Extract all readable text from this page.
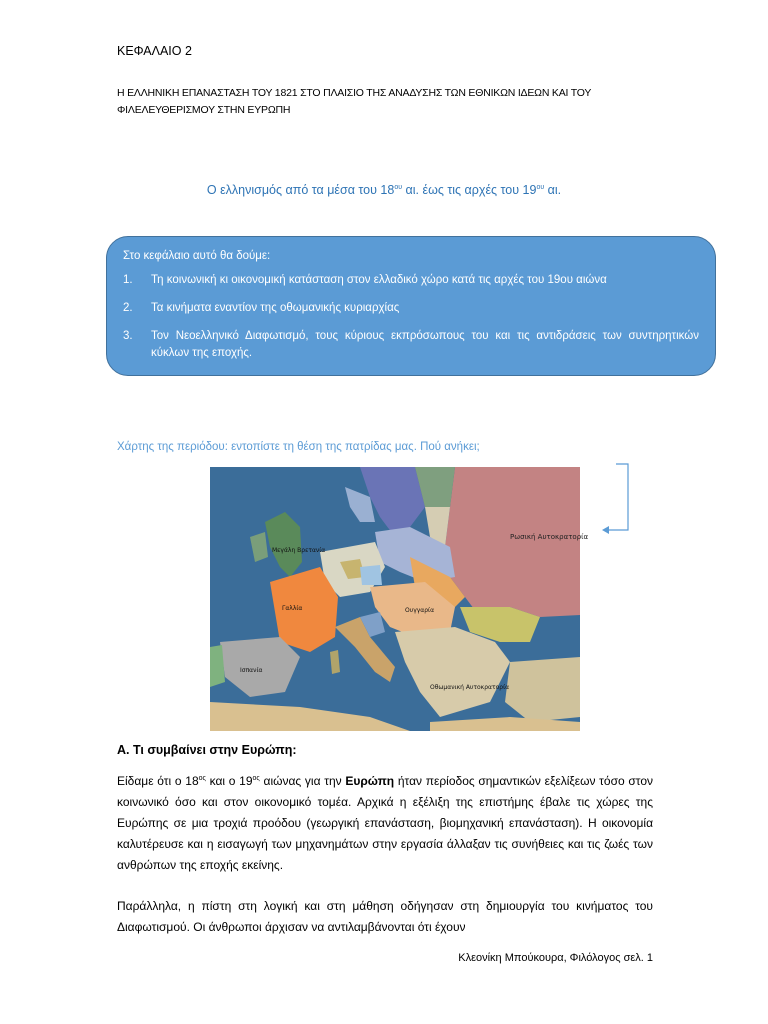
ΚΕΦΑΛΑΙΟ 2
Η ΕΛΛΗΝΙΚΗ ΕΠΑΝΑΣΤΑΣΗ ΤΟΥ 1821 ΣΤΟ ΠΛΑΙΣΙΟ ΤΗΣ ΑΝΑΔΥΣΗΣ ΤΩΝ ΕΘΝΙΚΩΝ ΙΔΕΩΝ ΚΑΙ ΤΟΥ ΦΙΛΕΛΕΥΘΕΡΙΣΜΟΥ ΣΤΗΝ ΕΥΡΩΠΗ
Ο ελληνισμός από τα μέσα του $18^{o\upsilon}$ αι. έως τις αρχές του $19^{o\upsilon}$ αι.
Στο κεφάλαιο αυτό θα δούμε:
1.	Τη κοινωνική κι οικονομική κατάσταση στον ελλαδικό χώρο κατά τις αρχές του 19ου αιώνα
2.	Τα κινήματα εναντίον της οθωμανικής κυριαρχίας
3.	Τον Νεοελληνικό Διαφωτισμό, τους κύριους εκπρόσωπους του και τις αντιδράσεις των συντηρητικών κύκλων της εποχής.
Χάρτης της περιόδου: εντοπίστε τη θέση της πατρίδας μας. Πού ανήκει;
Ρωσική Αυτοκρατορία
Μεγάλη Βρετανία
Γαλλία
Ισπανία
Ουγγαρία
Οθωμανική Αυτοκρατορία
Α. Τι συμβαίνει στην Ευρώπη:
Είδαμε ότι ο $18^{o\varsigma}$ και ο $19^{o\varsigma}$ αιώνας για την Ευρώπη ήταν περίοδος σημαντικών εξελίξεων τόσο στον κοινωνικό όσο και στον οικονομικό τομέα. Αρχικά η εξέλιξη της επιστήμης έβαλε τις χώρες της Ευρώπης σε μια τροχιά προόδου (γεωργική επανάσταση, βιομηχανική επανάσταση). Η οικονομία καλυτέρευσε και η εισαγωγή των μηχανημάτων στην εργασία άλλαξαν τις συνήθειες και τις ζωές των ανθρώπων της εποχής εκείνης.
Παράλληλα, η πίστη στη λογική και στη μάθηση οδήγησαν στη δημιουργία του κινήματος του Διαφωτισμού. Οι άνθρωποι άρχισαν να αντιλαμβάνονται ότι έχουν
Κλεονίκη Μπούκουρα, Φιλόλογος σελ. 1
